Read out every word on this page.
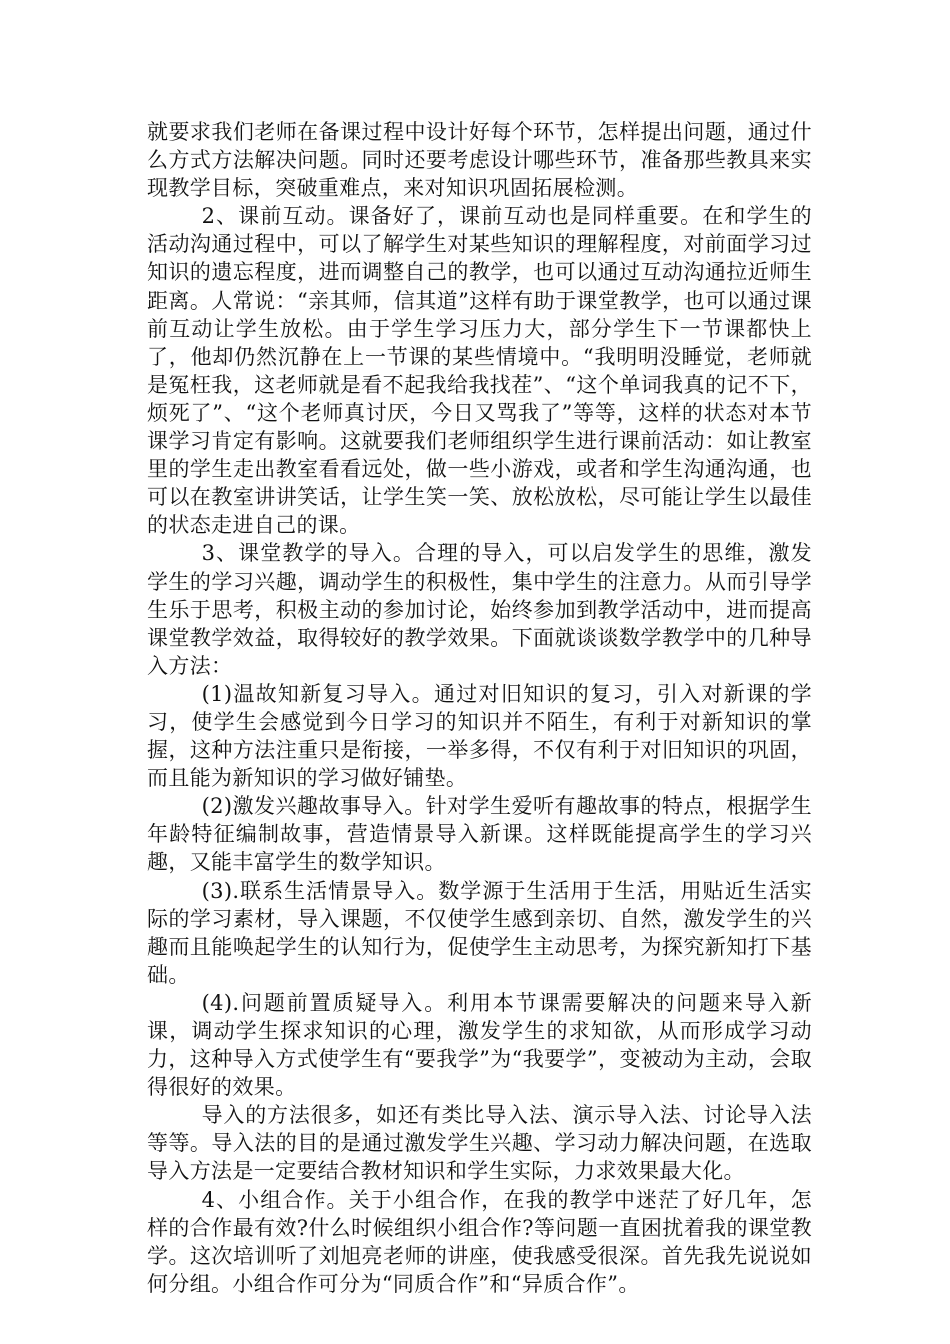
就要求我们老师在备课过程中设计好每个环节，怎样提出问题，通过什么方式方法解决问题。同时还要考虑设计哪些环节，准备那些教具来实现教学目标，突破重难点，来对知识巩固拓展检测。

2、课前互动。课备好了，课前互动也是同样重要。在和学生的活动沟通过程中，可以了解学生对某些知识的理解程度，对前面学习过知识的遗忘程度，进而调整自己的教学，也可以通过互动沟通拉近师生距离。人常说：“亲其师，信其道”这样有助于课堂教学，也可以通过课前互动让学生放松。由于学生学习压力大，部分学生下一节课都快上了，他却仍然沉静在上一节课的某些情境中。“我明明没睡觉，老师就是冤枉我，这老师就是看不起我给我找茬”、“这个单词我真的记不下，烦死了”、“这个老师真讨厌，今日又骂我了”等等，这样的状态对本节课学习肯定有影响。这就要我们老师组织学生进行课前活动：如让教室里的学生走出教室看看远处，做一些小游戏，或者和学生沟通沟通，也可以在教室讲讲笑话，让学生笑一笑、放松放松，尽可能让学生以最佳的状态走进自己的课。

3、课堂教学的导入。合理的导入，可以启发学生的思维，激发学生的学习兴趣，调动学生的积极性，集中学生的注意力。从而引导学生乐于思考，积极主动的参加讨论，始终参加到教学活动中，进而提高课堂教学效益，取得较好的教学效果。下面就谈谈数学教学中的几种导入方法：

(1)温故知新复习导入。通过对旧知识的复习，引入对新课的学习，使学生会感觉到今日学习的知识并不陌生，有利于对新知识的掌握，这种方法注重只是衔接，一举多得，不仅有利于对旧知识的巩固，而且能为新知识的学习做好铺垫。

(2)激发兴趣故事导入。针对学生爱听有趣故事的特点，根据学生年龄特征编制故事，营造情景导入新课。这样既能提高学生的学习兴趣，又能丰富学生的数学知识。

(3).联系生活情景导入。数学源于生活用于生活，用贴近生活实际的学习素材，导入课题，不仅使学生感到亲切、自然，激发学生的兴趣而且能唤起学生的认知行为，促使学生主动思考，为探究新知打下基础。

(4).问题前置质疑导入。利用本节课需要解决的问题来导入新课，调动学生探求知识的心理，激发学生的求知欲，从而形成学习动力，这种导入方式使学生有“要我学”为“我要学”，变被动为主动，会取得很好的效果。

导入的方法很多，如还有类比导入法、演示导入法、讨论导入法等等。导入法的目的是通过激发学生兴趣、学习动力解决问题，在选取导入方法是一定要结合教材知识和学生实际，力求效果最大化。

4、小组合作。关于小组合作，在我的教学中迷茫了好几年，怎样的合作最有效?什么时候组织小组合作?等问题一直困扰着我的课堂教学。这次培训听了刘旭亮老师的讲座，使我感受很深。首先我先说说如何分组。小组合作可分为“同质合作”和“异质合作”。
